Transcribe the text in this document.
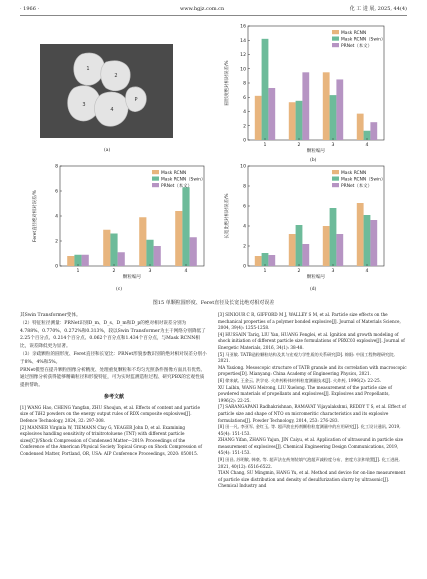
· 1966 ·	www.hgjz.com.cn	化 工 进 展, 2025, 44(4)
1
2
3
4
P
(a)
0
2
4
6
8
10
12
14
16
1	2	3	4
颗粒编号
圆形度绝对相对误差/%
Mask RCNN
Mask RCNN（Swin）
PRNet（本文）
(b)
0
2
4
6
8
1	2	3	4
颗粒编号
Feret直径绝对相对误差/%
Mask RCNN
Mask RCNN（Swin）
PRNet（本文）
(c)
0
2
4
6
8
10
1	2	3	4
颗粒编号
长宽比绝对相对误差/%
Mask RCNN
Mask RCNN（Swin）
PRNet（本文）
(d)
图15 单颗粒圆形度、Feret直径及长宽比绝对相对误差

其Swin Transformer变体。

（2）特征粒径测量：PRNet识别D_m、D_s、D_m和D_p的绝对相对误差分别为4.788%、0.770%、0.272%和0.313%，较以Swin Transformer为主干网络分别降低了2.25个百分点、0.214个百分点、0.062个百分点和1.434个百分点，与Mask RCNN相比，误差降低更为显著。

（3）亲疏颗粒的圆形度、Feret直径和长宽比：PRNet形貌参数识别的绝对相对误差分别小于8%、4%和5%。

PRNet模型在提升颗粒图像分析精度、处理重复颗粒和不均匀光照条件图像方面具有优势。通过图像分析获得能够精确粒径和形貌特征，可为实时监测造粒过程、研究PBX的宏观性质提供帮助。

参考文献

[1] WANG Hao, CHENG Yangfan, ZHU Shoujun, et al. Effects of content and particle size of TiH2 powders on the energy output rules of RDX composite explosives[J]. Defence Technology, 2024, 32: 297-308.

[2] MANNER Virginia W, TIEMANN Clay G, YEAGER John D, et al. Examining explosives handling sensitivity of trinitrotoluene (TNT) with different particle sizes[C]//Shock Compression of Condensed Matter—2019: Proceedings of the Conference of the American Physical Society Topical Group on Shock Compression of Condensed Matter, Portland, OR, USA: AIP Conference Proceedings, 2020: 050015.

[3] SINIOUR C R, GIFFORD M J, WALLEY S M, et al. Particle size effects on the mechanical properties of a polymer bonded explosive[J]. Journal of Materials Science, 2004, 39(4): 1255-1258.

[4] HUSSAIN Tariq, LIU Yan, HUANG Fenglei, et al. Ignition and growth modeling of shock initiation of different particle size formulations of PBXC03 explosive[J]. Journal of Energetic Materials, 2016, 34(1): 38-48.

[5] 马亚敏. TATB造粒颗粒结构及其与宏观力学性质的关系研究[D]. 绵阳: 中国工程物理研究院, 2021.

MA Yaxiong. Mesoscopic structure of TATB granule and its correlation with macroscopic properties[D]. Mianyang: China Academy of Engineering Physics, 2021.

[6] 徐来斌, 王金云, 洪学亮. 火炸药粉体材料粒度测量技术[J]. 火炸药, 1996(2): 22-25.

XU Laibin, WANG Meirong, LIU Xuelong. The measurement of the particle size of powdered materials of propellants and explosives[J]. Explosives and Propellants, 1996(2): 22-25.

[7] SARANGAPANI Radhakrishnan, RAMAVAT Vijayalakshmi, REDDY T S, et al. Effect of particle size and shape of NTO on micromeritic characteristics and its explosive formulations[J]. Powder Technology, 2014, 253: 276-283.

[8] 田一凡, 李亚军, 金红玉, 等. 超声波在药剂颗粒粒度测量中的应用研究[J]. 化工设计通讯, 2019, 45(4): 151-153.

ZHANG Yifan, ZHANG Yajun, JIN Caiyu, et al. Application of ultrasound in particle size measurement of explosives[J]. Chemical Engineering Design Communications, 2019, 45(4): 151-153.

[9] 田昌, 苏明敏, 韩豪, 等. 超声法在药剂装填气泡超声减粒度分布、密度方法和装置[J]. 化工进展, 2021, 40(12): 6516-6522.

TIAN Chang, SU Mingmin, HANG Yu, et al. Method and device for on-line measurement of particle size distribution and density of desulfurization slurry by ultrasonic[J]. Chemical Industry and
